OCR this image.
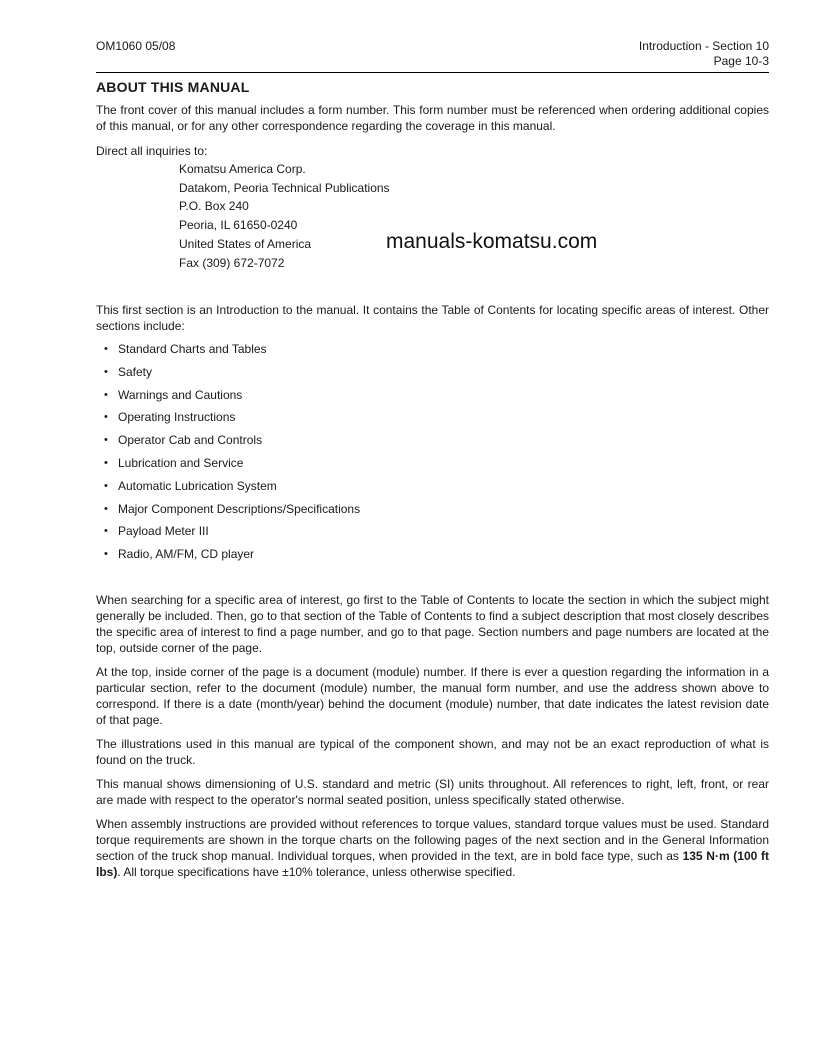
OM1060 05/08	Introduction - Section 10
Page 10-3
ABOUT THIS MANUAL

The front cover of this manual includes a form number. This form number must be referenced when ordering additional copies of this manual, or for any other correspondence regarding the coverage in this manual.

Direct all inquiries to:
Komatsu America Corp.
Datakom, Peoria Technical Publications
P.O. Box 240
Peoria, IL 61650-0240
United States of America
Fax (309) 672-7072
manuals-komatsu.com

This first section is an Introduction to the manual. It contains the Table of Contents for locating specific areas of interest. Other sections include:

• Standard Charts and Tables
• Safety
• Warnings and Cautions
• Operating Instructions
• Operator Cab and Controls
• Lubrication and Service
• Automatic Lubrication System
• Major Component Descriptions/Specifications
• Payload Meter III
• Radio, AM/FM, CD player

When searching for a specific area of interest, go first to the Table of Contents to locate the section in which the subject might generally be included. Then, go to that section of the Table of Contents to find a subject description that most closely describes the specific area of interest to find a page number, and go to that page. Section numbers and page numbers are located at the top, outside corner of the page.

At the top, inside corner of the page is a document (module) number. If there is ever a question regarding the information in a particular section, refer to the document (module) number, the manual form number, and use the address shown above to correspond. If there is a date (month/year) behind the document (module) number, that date indicates the latest revision date of that page.

The illustrations used in this manual are typical of the component shown, and may not be an exact reproduction of what is found on the truck.

This manual shows dimensioning of U.S. standard and metric (SI) units throughout. All references to right, left, front, or rear are made with respect to the operator's normal seated position, unless specifically stated otherwise.

When assembly instructions are provided without references to torque values, standard torque values must be used. Standard torque requirements are shown in the torque charts on the following pages of the next section and in the General Information section of the truck shop manual. Individual torques, when provided in the text, are in bold face type, such as 135 N·m (100 ft lbs). All torque specifications have ±10% tolerance, unless otherwise specified.
